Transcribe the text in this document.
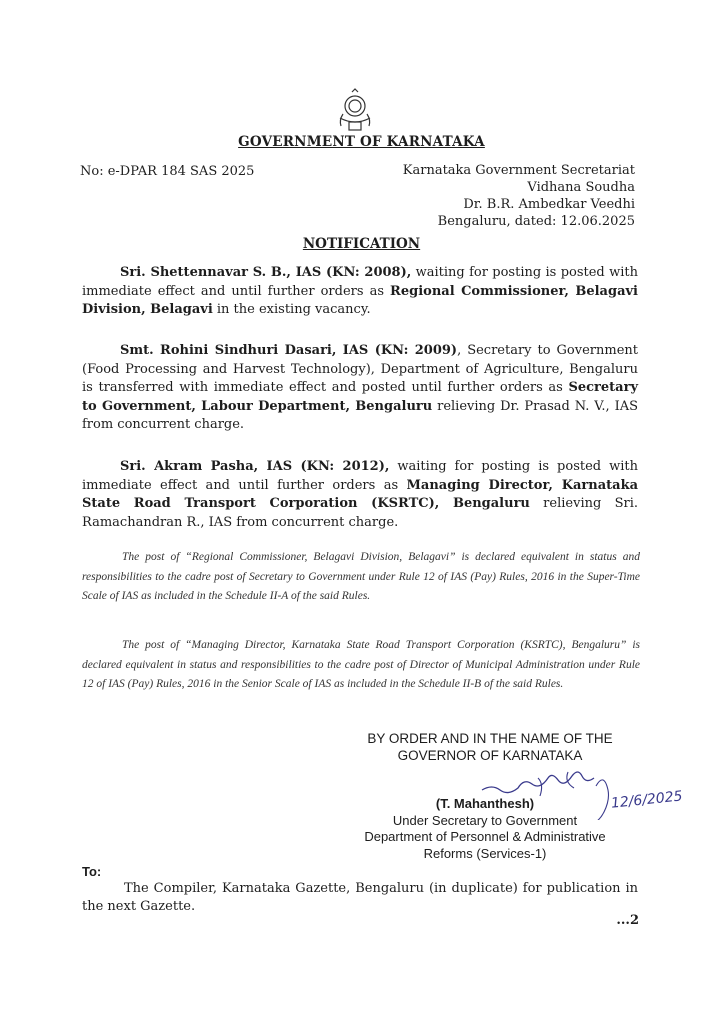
GOVERNMENT OF KARNATAKA
No: e-DPAR 184 SAS 2025	Karnataka Government Secretariat
Vidhana Soudha
Dr. B.R. Ambedkar Veedhi
Bengaluru, dated: 12.06.2025
NOTIFICATION
Sri. Shettennavar S. B., IAS (KN: 2008), waiting for posting is posted with immediate effect and until further orders as Regional Commissioner, Belagavi Division, Belagavi in the existing vacancy.
Smt. Rohini Sindhuri Dasari, IAS (KN: 2009), Secretary to Government (Food Processing and Harvest Technology), Department of Agriculture, Bengaluru is transferred with immediate effect and posted until further orders as Secretary to Government, Labour Department, Bengaluru relieving Dr. Prasad N. V., IAS from concurrent charge.
Sri. Akram Pasha, IAS (KN: 2012), waiting for posting is posted with immediate effect and until further orders as Managing Director, Karnataka State Road Transport Corporation (KSRTC), Bengaluru relieving Sri. Ramachandran R., IAS from concurrent charge.
The post of “Regional Commissioner, Belagavi Division, Belagavi” is declared equivalent in status and responsibilities to the cadre post of Secretary to Government under Rule 12 of IAS (Pay) Rules, 2016 in the Super-Time Scale of IAS as included in the Schedule II-A of the said Rules.
The post of “Managing Director, Karnataka State Road Transport Corporation (KSRTC), Bengaluru” is declared equivalent in status and responsibilities to the cadre post of Director of Municipal Administration under Rule 12 of IAS (Pay) Rules, 2016 in the Senior Scale of IAS as included in the Schedule II-B of the said Rules.
BY ORDER AND IN THE NAME OF THE
GOVERNOR OF KARNATAKA
12/6/2025
(T. Mahanthesh)
Under Secretary to Government
Department of Personnel & Administrative
Reforms (Services-1)
To:
The Compiler, Karnataka Gazette, Bengaluru (in duplicate) for publication in the next Gazette.
...2
